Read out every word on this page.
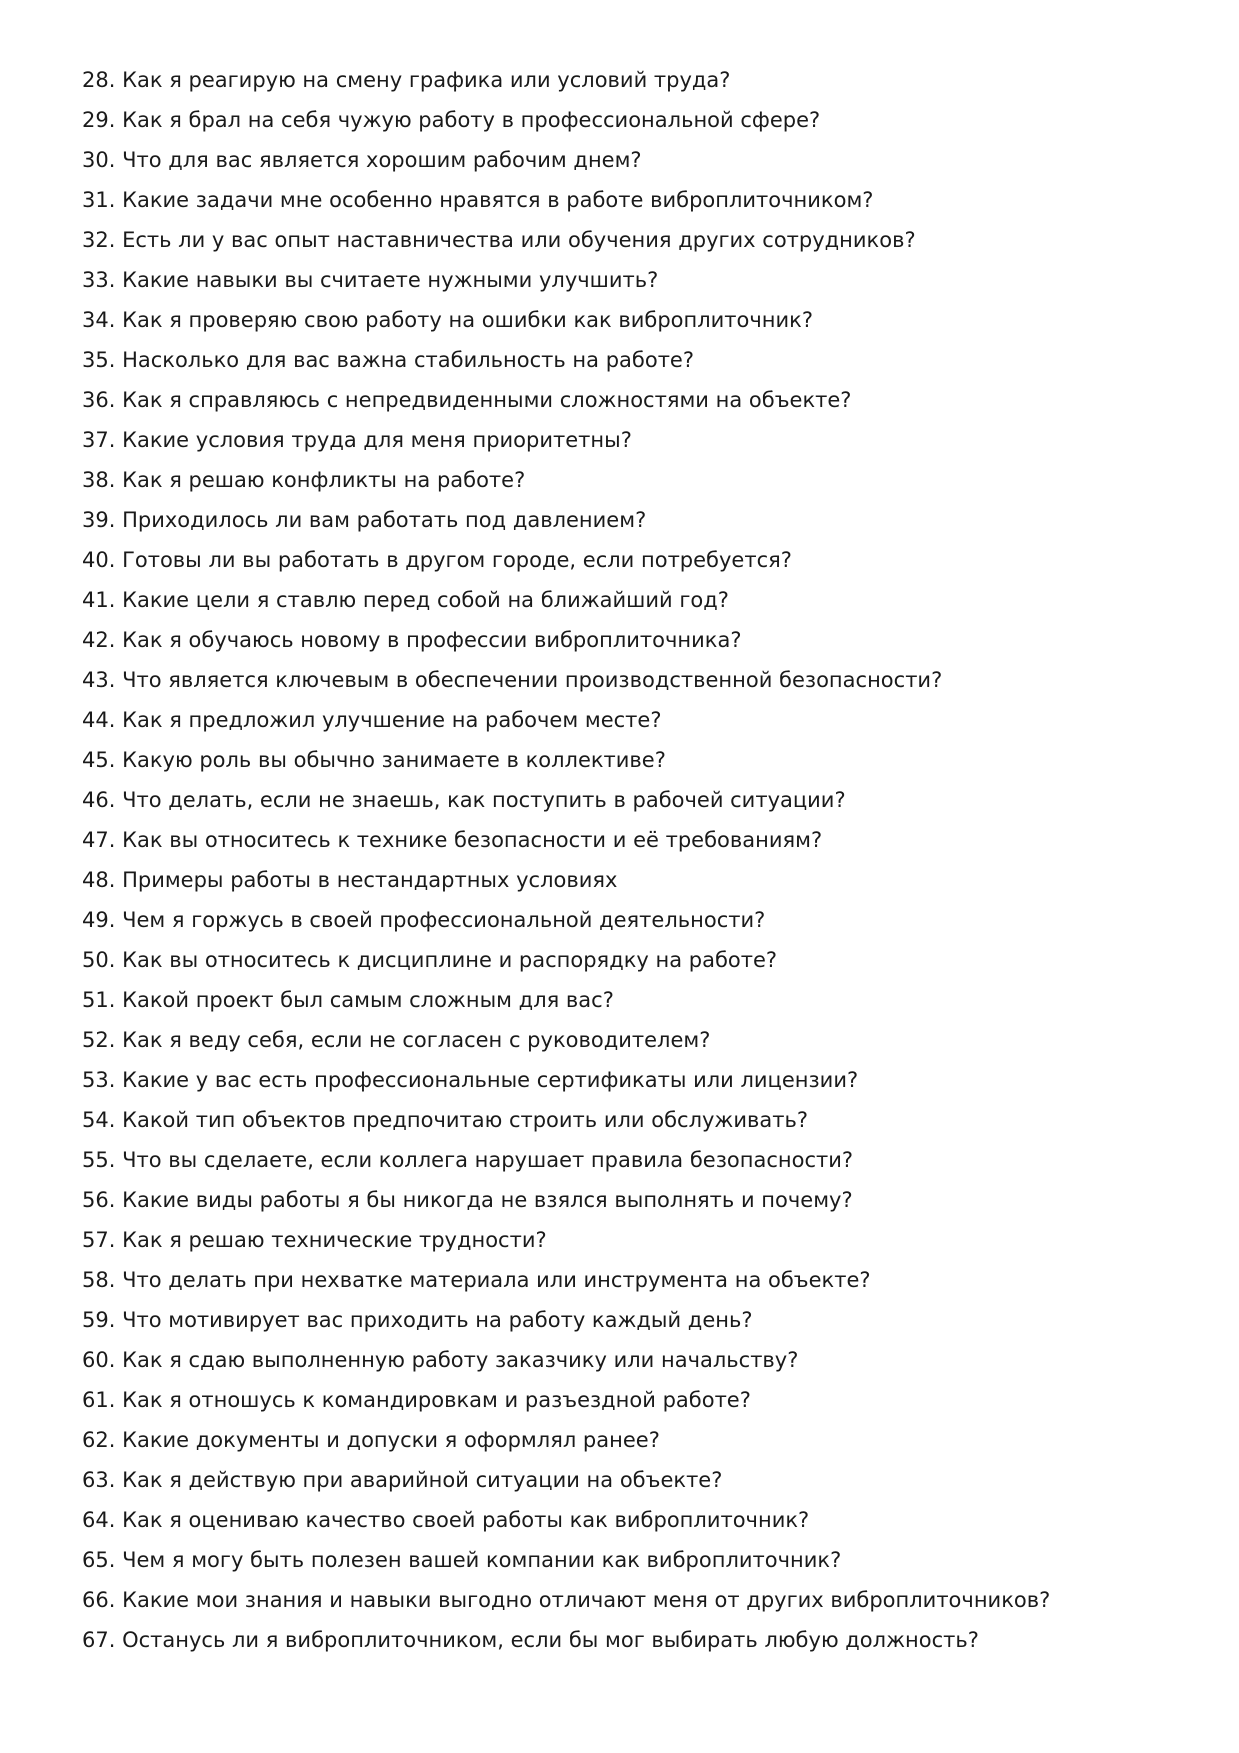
28. Как я реагирую на смену графика или условий труда?
29. Как я брал на себя чужую работу в профессиональной сфере?
30. Что для вас является хорошим рабочим днем?
31. Какие задачи мне особенно нравятся в работе виброплиточником?
32. Есть ли у вас опыт наставничества или обучения других сотрудников?
33. Какие навыки вы считаете нужными улучшить?
34. Как я проверяю свою работу на ошибки как виброплиточник?
35. Насколько для вас важна стабильность на работе?
36. Как я справляюсь с непредвиденными сложностями на объекте?
37. Какие условия труда для меня приоритетны?
38. Как я решаю конфликты на работе?
39. Приходилось ли вам работать под давлением?
40. Готовы ли вы работать в другом городе, если потребуется?
41. Какие цели я ставлю перед собой на ближайший год?
42. Как я обучаюсь новому в профессии виброплиточника?
43. Что является ключевым в обеспечении производственной безопасности?
44. Как я предложил улучшение на рабочем месте?
45. Какую роль вы обычно занимаете в коллективе?
46. Что делать, если не знаешь, как поступить в рабочей ситуации?
47. Как вы относитесь к технике безопасности и её требованиям?
48. Примеры работы в нестандартных условиях
49. Чем я горжусь в своей профессиональной деятельности?
50. Как вы относитесь к дисциплине и распорядку на работе?
51. Какой проект был самым сложным для вас?
52. Как я веду себя, если не согласен с руководителем?
53. Какие у вас есть профессиональные сертификаты или лицензии?
54. Какой тип объектов предпочитаю строить или обслуживать?
55. Что вы сделаете, если коллега нарушает правила безопасности?
56. Какие виды работы я бы никогда не взялся выполнять и почему?
57. Как я решаю технические трудности?
58. Что делать при нехватке материала или инструмента на объекте?
59. Что мотивирует вас приходить на работу каждый день?
60. Как я сдаю выполненную работу заказчику или начальству?
61. Как я отношусь к командировкам и разъездной работе?
62. Какие документы и допуски я оформлял ранее?
63. Как я действую при аварийной ситуации на объекте?
64. Как я оцениваю качество своей работы как виброплиточник?
65. Чем я могу быть полезен вашей компании как виброплиточник?
66. Какие мои знания и навыки выгодно отличают меня от других виброплиточников?
67. Останусь ли я виброплиточником, если бы мог выбирать любую должность?
